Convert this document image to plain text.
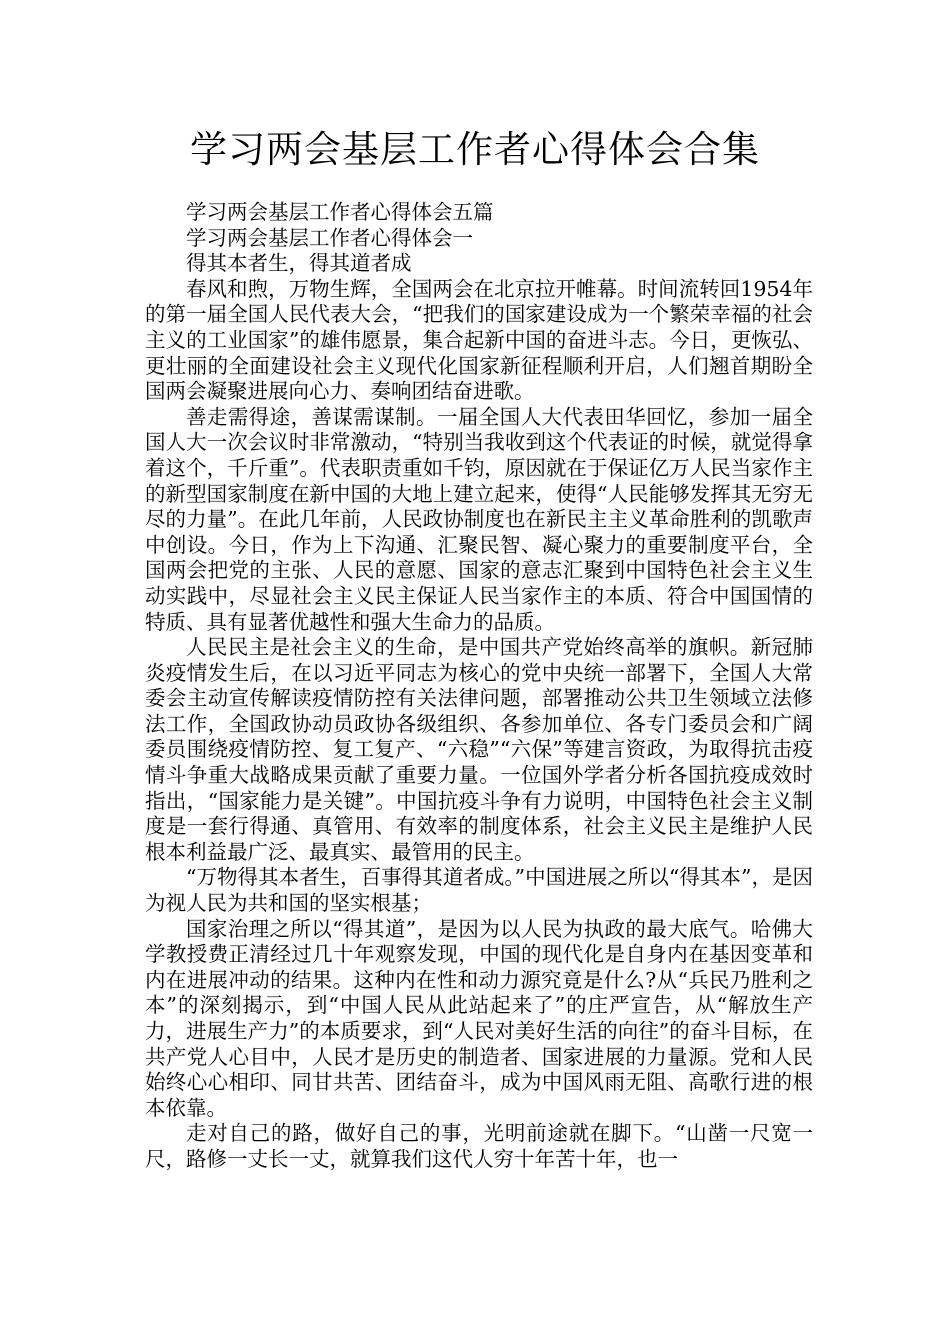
学习两会基层工作者心得体会合集

学习两会基层工作者心得体会五篇

学习两会基层工作者心得体会一

得其本者生，得其道者成

春风和煦，万物生辉，全国两会在北京拉开帷幕。时间流转回1954年的第一届全国人民代表大会，“把我们的国家建设成为一个繁荣幸福的社会主义的工业国家”的雄伟愿景，集合起新中国的奋进斗志。今日，更恢弘、更壮丽的全面建设社会主义现代化国家新征程顺利开启，人们翘首期盼全国两会凝聚进展向心力、奏响团结奋进歌。

善走需得途，善谋需谋制。一届全国人大代表田华回忆，参加一届全国人大一次会议时非常激动，“特别当我收到这个代表证的时候，就觉得拿着这个，千斤重”。代表职责重如千钧，原因就在于保证亿万人民当家作主的新型国家制度在新中国的大地上建立起来，使得“人民能够发挥其无穷无尽的力量”。在此几年前，人民政协制度也在新民主主义革命胜利的凯歌声中创设。今日，作为上下沟通、汇聚民智、凝心聚力的重要制度平台，全国两会把党的主张、人民的意愿、国家的意志汇聚到中国特色社会主义生动实践中，尽显社会主义民主保证人民当家作主的本质、符合中国国情的特质、具有显著优越性和强大生命力的品质。

人民民主是社会主义的生命，是中国共产党始终高举的旗帜。新冠肺炎疫情发生后，在以习近平同志为核心的党中央统一部署下，全国人大常委会主动宣传解读疫情防控有关法律问题，部署推动公共卫生领域立法修法工作，全国政协动员政协各级组织、各参加单位、各专门委员会和广阔委员围绕疫情防控、复工复产、“六稳”“六保”等建言资政，为取得抗击疫情斗争重大战略成果贡献了重要力量。一位国外学者分析各国抗疫成效时指出，“国家能力是关键”。中国抗疫斗争有力说明，中国特色社会主义制度是一套行得通、真管用、有效率的制度体系，社会主义民主是维护人民根本利益最广泛、最真实、最管用的民主。

“万物得其本者生，百事得其道者成。”中国进展之所以“得其本”，是因为视人民为共和国的坚实根基；

国家治理之所以“得其道”，是因为以人民为执政的最大底气。哈佛大学教授费正清经过几十年观察发现，中国的现代化是自身内在基因变革和内在进展冲动的结果。这种内在性和动力源究竟是什么?从“兵民乃胜利之本”的深刻揭示，到“中国人民从此站起来了”的庄严宣告，从“解放生产力，进展生产力”的本质要求，到“人民对美好生活的向往”的奋斗目标，在共产党人心目中，人民才是历史的制造者、国家进展的力量源。党和人民始终心心相印、同甘共苦、团结奋斗，成为中国风雨无阻、高歌行进的根本依靠。

走对自己的路，做好自己的事，光明前途就在脚下。“山凿一尺宽一尺，路修一丈长一丈，就算我们这代人穷十年苦十年，也一
